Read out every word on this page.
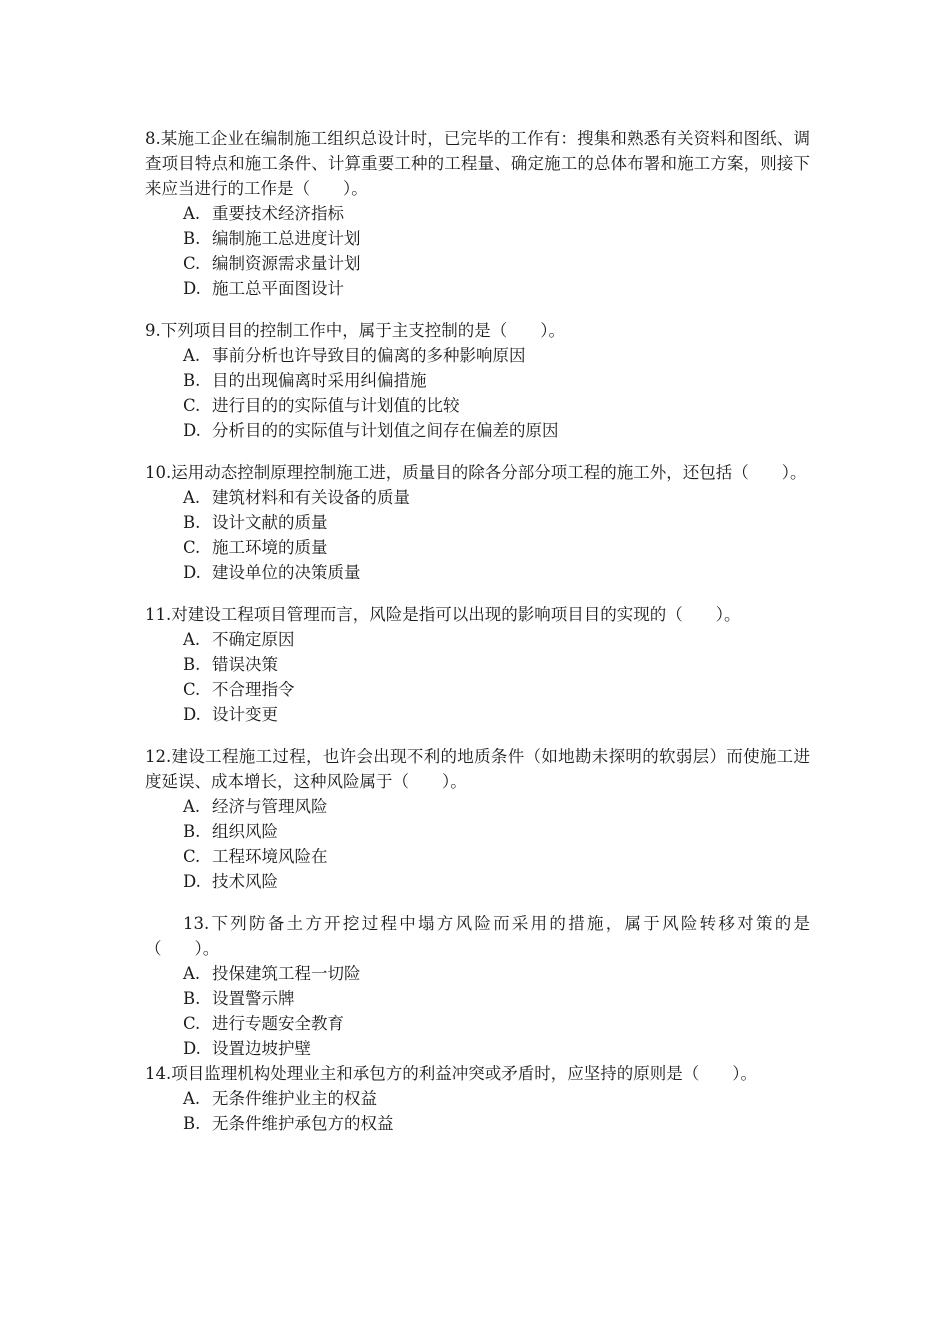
8.某施工企业在编制施工组织总设计时，已完毕的工作有：搜集和熟悉有关资料和图纸、调查项目特点和施工条件、计算重要工种的工程量、确定施工的总体布署和施工方案，则接下来应当进行的工作是（　　）。

A. 重要技术经济指标
B. 编制施工总进度计划
C. 编制资源需求量计划
D. 施工总平面图设计

9.下列项目目的控制工作中，属于主支控制的是（　　）。

A. 事前分析也许导致目的偏离的多种影响原因
B. 目的出现偏离时采用纠偏措施
C. 进行目的的实际值与计划值的比较
D. 分析目的的实际值与计划值之间存在偏差的原因

10.运用动态控制原理控制施工进，质量目的除各分部分项工程的施工外，还包括（　　）。

A. 建筑材料和有关设备的质量
B. 设计文献的质量
C. 施工环境的质量
D. 建设单位的决策质量

11.对建设工程项目管理而言，风险是指可以出现的影响项目目的实现的（　　）。

A. 不确定原因
B. 错误决策
C. 不合理指令
D. 设计变更

12.建设工程施工过程，也许会出现不利的地质条件（如地勘未探明的软弱层）而使施工进度延误、成本增长，这种风险属于（　　）。

A. 经济与管理风险
B. 组织风险
C. 工程环境风险在
D. 技术风险

13.下列防备土方开挖过程中塌方风险而采用的措施，属于风险转移对策的是（　　）。

A. 投保建筑工程一切险
B. 设置警示牌
C. 进行专题安全教育
D. 设置边坡护壁

14.项目监理机构处理业主和承包方的利益冲突或矛盾时，应坚持的原则是（　　）。

A. 无条件维护业主的权益
B. 无条件维护承包方的权益
